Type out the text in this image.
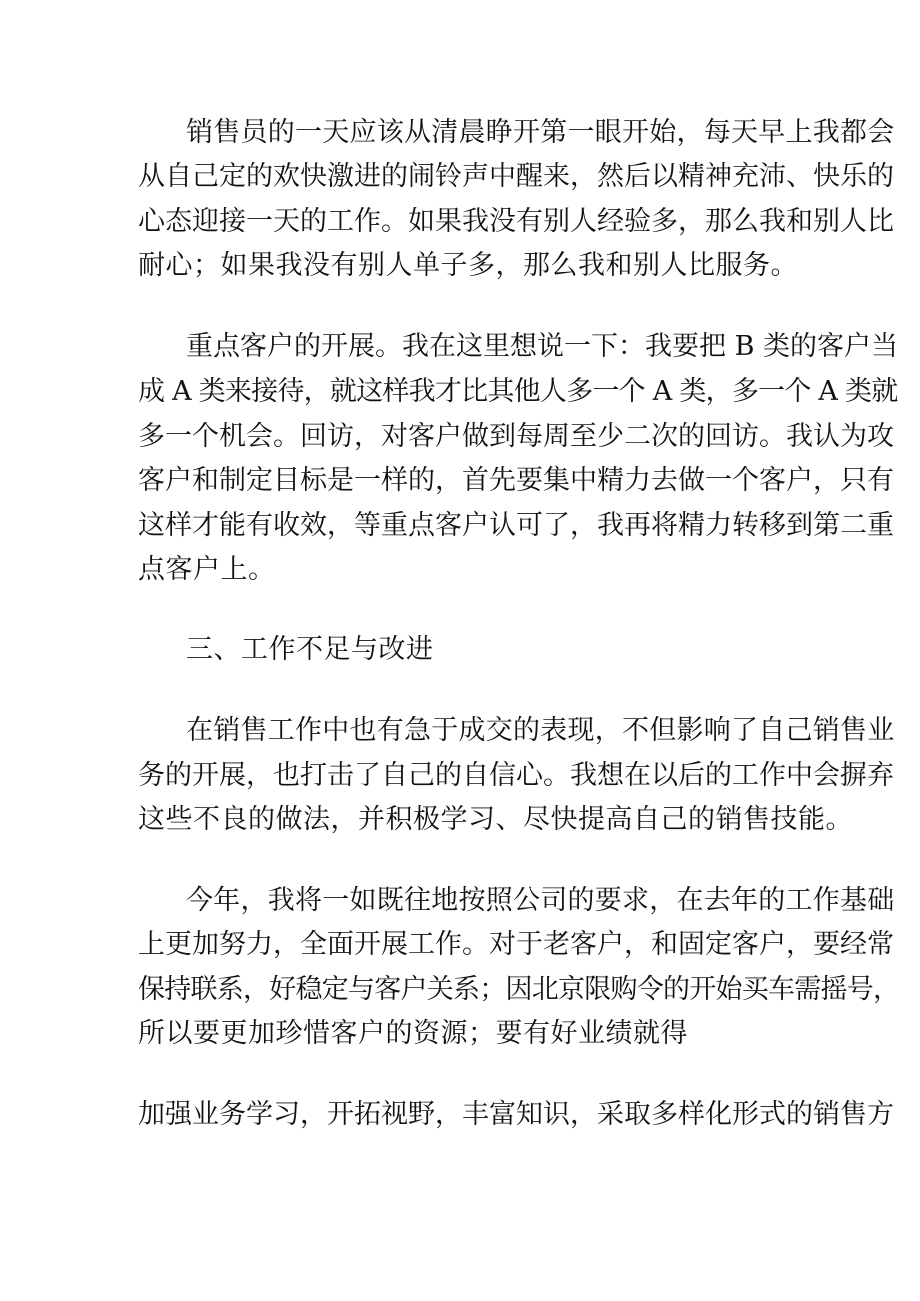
销售员的一天应该从清晨睁开第一眼开始，每天早上我都会
从自己定的欢快激进的闹铃声中醒来，然后以精神充沛、快乐的
心态迎接一天的工作。如果我没有别人经验多，那么我和别人比
耐心；如果我没有别人单子多，那么我和别人比服务。
重点客户的开展。我在这里想说一下：我要把 B 类的客户当
成 A 类来接待，就这样我才比其他人多一个 A 类，多一个 A 类就
多一个机会。回访，对客户做到每周至少二次的回访。我认为攻
客户和制定目标是一样的，首先要集中精力去做一个客户，只有
这样才能有收效，等重点客户认可了，我再将精力转移到第二重
点客户上。
三、工作不足与改进
在销售工作中也有急于成交的表现，不但影响了自己销售业
务的开展，也打击了自己的自信心。我想在以后的工作中会摒弃
这些不良的做法，并积极学习、尽快提高自己的销售技能。
今年，我将一如既往地按照公司的要求，在去年的工作基础
上更加努力，全面开展工作。对于老客户，和固定客户，要经常
保持联系，好稳定与客户关系；因北京限购令的开始买车需摇号，
所以要更加珍惜客户的资源；要有好业绩就得
加强业务学习，开拓视野，丰富知识，采取多样化形式的销售方
